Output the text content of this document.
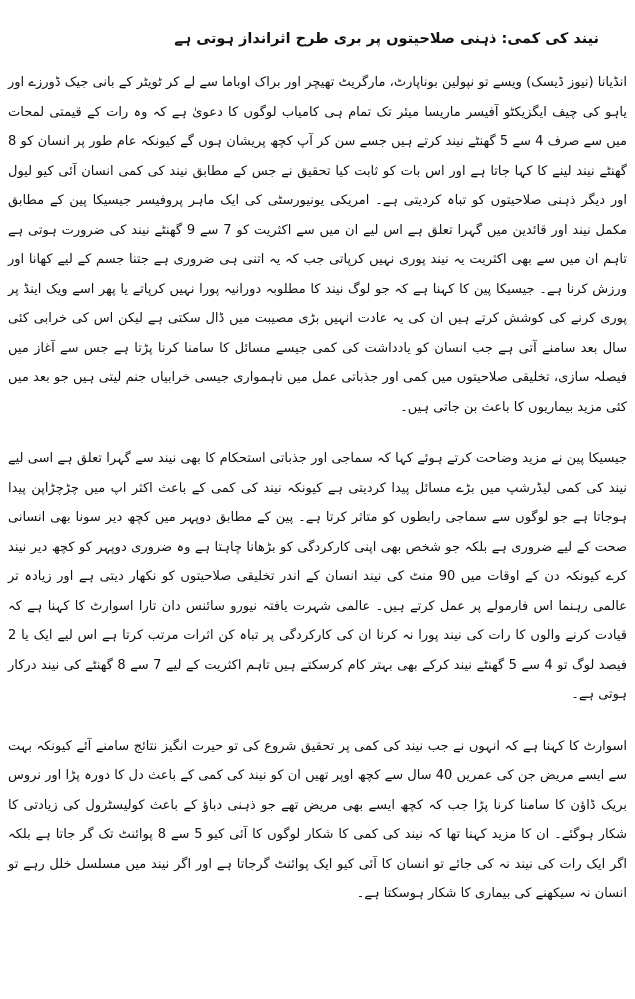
نیند کی کمی: ذہنی صلاحیتوں پر بری طرح اثرانداز ہوتی ہے

انڈیانا (نیوز ڈیسک) ویسے تو نپولین بوناپارٹ، مارگریٹ تھیچر اور براک اوباما سے لے کر ٹویٹر کے بانی جیک ڈورزے اور یاہو کی چیف ایگزیکٹو آفیسر ماریسا میئر تک تمام ہی کامیاب لوگوں کا دعویٰ ہے کہ وہ رات کے قیمتی لمحات میں سے صرف 4 سے 5 گھنٹے نیند کرتے ہیں جسے سن کر آپ کچھ پریشان ہوں گے کیونکہ عام طور پر انسان کو 8 گھنٹے نیند لینے کا کہا جاتا ہے اور اس بات کو ثابت کیا تحقیق نے جس کے مطابق نیند کی کمی انسان آئی کیو لیول اور دیگر ذہنی صلاحیتوں کو تباہ کردیتی ہے۔ امریکی یونیورسٹی کی ایک ماہر پروفیسر جیسیکا پین کے مطابق مکمل نیند اور قائدین میں گہرا تعلق ہے اس لیے ان میں سے اکثریت کو 7 سے 9 گھنٹے نیند کی ضرورت ہوتی ہے تاہم ان میں سے بھی اکثریت یہ نیند پوری نہیں کرپاتی جب کہ یہ اتنی ہی ضروری ہے جتنا جسم کے لیے کھانا اور ورزش کرنا ہے۔ جیسیکا پین کا کہنا ہے کہ جو لوگ نیند کا مطلوبہ دورانیہ پورا نہیں کرپاتے یا پھر اسے ویک اینڈ پر پوری کرنے کی کوشش کرتے ہیں ان کی یہ عادت انہیں بڑی مصیبت میں ڈال سکتی ہے لیکن اس کی خرابی کئی سال بعد سامنے آتی ہے جب انسان کو یادداشت کی کمی جیسے مسائل کا سامنا کرنا پڑتا ہے جس سے آغاز میں فیصلہ سازی، تخلیقی صلاحیتوں میں کمی اور جذباتی عمل میں ناہمواری جیسی خرابیاں جنم لیتی ہیں جو بعد میں کئی مزید بیماریوں کا باعث بن جاتی ہیں۔

جیسیکا پین نے مزید وضاحت کرتے ہوئے کہا کہ سماجی اور جذباتی استحکام کا بھی نیند سے گہرا تعلق ہے اسی لیے نیند کی کمی لیڈرشپ میں بڑے مسائل پیدا کردیتی ہے کیونکہ نیند کی کمی کے باعث اکثر اپ میں چڑچڑاپن پیدا ہوجاتا ہے جو لوگوں سے سماجی رابطوں کو متاثر کرتا ہے۔ پین کے مطابق دوپہر میں کچھ دیر سونا بھی انسانی صحت کے لیے ضروری ہے بلکہ جو شخص بھی اپنی کارکردگی کو بڑھانا چاہتا ہے وہ ضروری دوپہر کو کچھ دیر نیند کرے کیونکہ دن کے اوقات میں 90 منٹ کی نیند انسان کے اندر تخلیقی صلاحیتوں کو نکھار دیتی ہے اور زیادہ تر عالمی رہنما اس فارمولے پر عمل کرتے ہیں۔ عالمی شہرت یافتہ نیورو سائنس دان تارا اسوارٹ کا کہنا ہے کہ قیادت کرنے والوں کا رات کی نیند پورا نہ کرنا ان کی کارکردگی پر تباہ کن اثرات مرتب کرتا ہے اس لیے ایک یا 2 فیصد لوگ تو 4 سے 5 گھنٹے نیند کرکے بھی بہتر کام کرسکتے ہیں تاہم اکثریت کے لیے 7 سے 8 گھنٹے کی نیند درکار ہوتی ہے۔

اسوارٹ کا کہنا ہے کہ انہوں نے جب نیند کی کمی پر تحقیق شروع کی تو حیرت انگیز نتائج سامنے آئے کیونکہ بہت سے ایسے مریض جن کی عمریں 40 سال سے کچھ اوپر تھیں ان کو نیند کی کمی کے باعث دل کا دورہ پڑا اور نروس بریک ڈاؤن کا سامنا کرنا پڑا جب کہ کچھ ایسے بھی مریض تھے جو ذہنی دباؤ کے باعث کولیسٹرول کی زیادتی کا شکار ہوگئے۔ ان کا مزید کہنا تھا کہ نیند کی کمی کا شکار لوگوں کا آئی کیو 5 سے 8 پوائنٹ تک گر جاتا ہے بلکہ اگر ایک رات کی نیند نہ کی جائے تو انسان کا آئی کیو ایک پوائنٹ گرجاتا ہے اور اگر نیند میں مسلسل خلل رہے تو انسان نہ سیکھنے کی بیماری کا شکار ہوسکتا ہے۔
